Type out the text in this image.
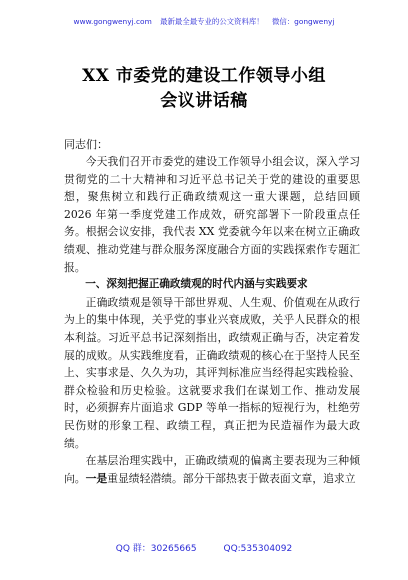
www.gongwenyj.com 最新最全最专业的公文资料库！ 微信：gongwenyj
XX 市委党的建设工作领导小组
会议讲话稿
同志们：

今天我们召开市委党的建设工作领导小组会议，深入学习贯彻党的二十大精神和习近平总书记关于党的建设的重要思想，聚焦树立和践行正确政绩观这一重大课题，总结回顾 2026 年第一季度党建工作成效，研究部署下一阶段重点任务。根据会议安排，我代表 XX 党委就今年以来在树立正确政绩观、推动党建与群众服务深度融合方面的实践探索作专题汇报。

一、深刻把握正确政绩观的时代内涵与实践要求

正确政绩观是领导干部世界观、人生观、价值观在从政行为上的集中体现，关乎党的事业兴衰成败，关乎人民群众的根本利益。习近平总书记深刻指出，政绩观正确与否，决定着发展的成败。从实践维度看，正确政绩观的核心在于坚持人民至上、实事求是、久久为功，其评判标准应当经得起实践检验、群众检验和历史检验。这就要求我们在谋划工作、推动发展时，必须摒弃片面追求 GDP 等单一指标的短视行为，杜绝劳民伤财的形象工程、政绩工程，真正把为民造福作为最大政绩。

在基层治理实践中，正确政绩观的偏离主要表现为三种倾向。一是重显绩轻潜绩。部分干部热衷于做表面文章，追求立

QQ 群：30265665	QQ:535304092
